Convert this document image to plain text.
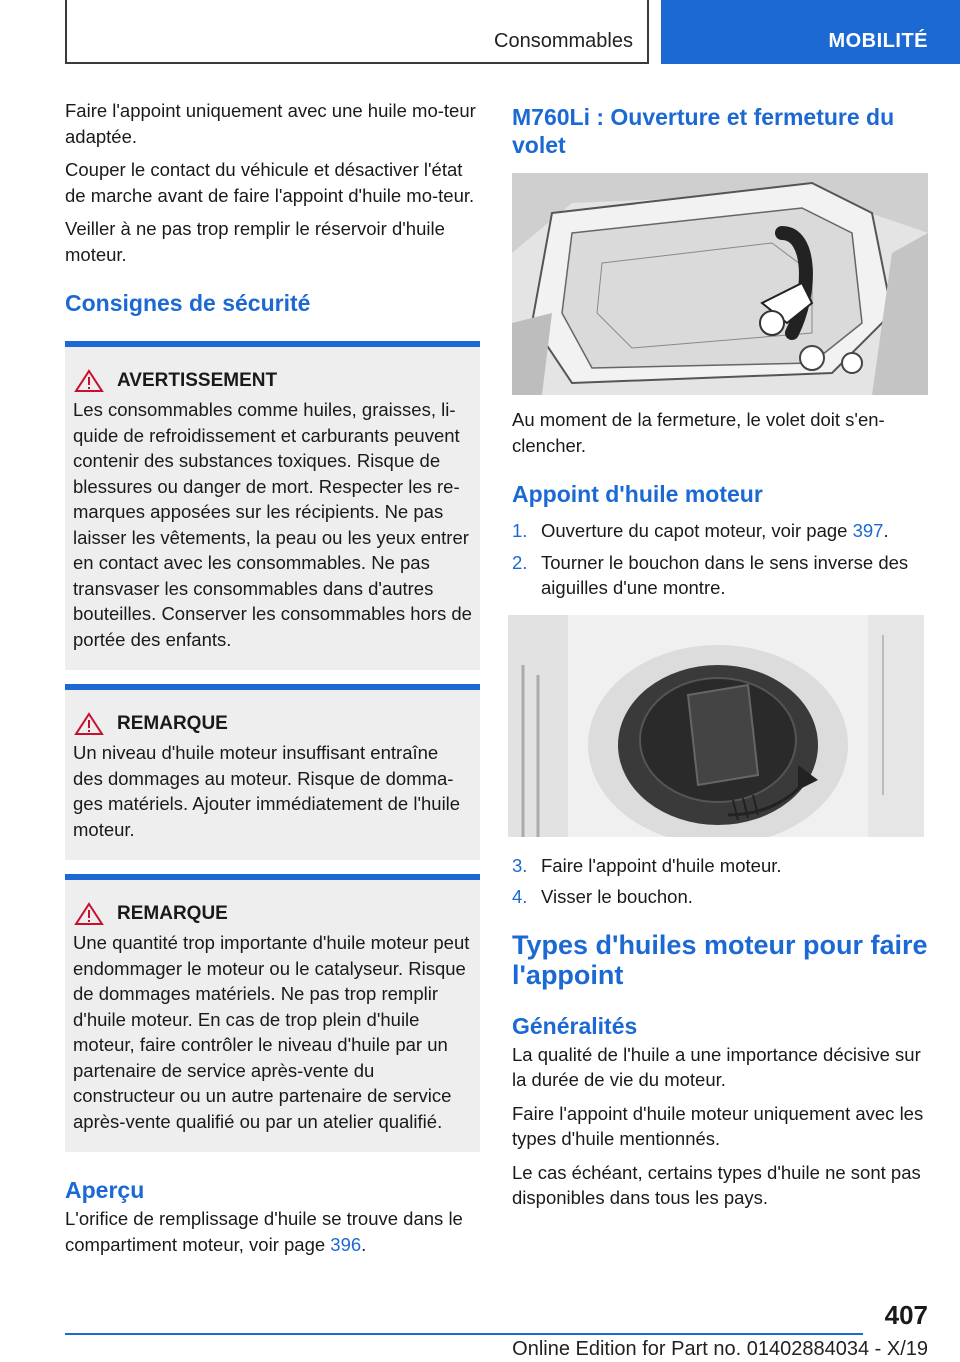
Consommables	MOBILITÉ

Faire l'appoint uniquement avec une huile mo-teur adaptée.

Couper le contact du véhicule et désactiver l'état de marche avant de faire l'appoint d'huile mo-teur.

Veiller à ne pas trop remplir le réservoir d'huile moteur.

Consignes de sécurité
AVERTISSEMENT

Les consommables comme huiles, graisses, li-quide de refroidissement et carburants peuvent contenir des substances toxiques. Risque de blessures ou danger de mort. Respecter les re-marques apposées sur les récipients. Ne pas laisser les vêtements, la peau ou les yeux entrer en contact avec les consommables. Ne pas transvaser les consommables dans d'autres bouteilles. Conserver les consommables hors de portée des enfants.

REMARQUE

Un niveau d'huile moteur insuffisant entraîne des dommages au moteur. Risque de domma-ges matériels. Ajouter immédiatement de l'huile moteur.

REMARQUE

Une quantité trop importante d'huile moteur peut endommager le moteur ou le catalyseur. Risque de dommages matériels. Ne pas trop remplir d'huile moteur. En cas de trop plein d'huile moteur, faire contrôler le niveau d'huile par un partenaire de service après-vente du constructeur ou un autre partenaire de service après-vente qualifié ou par un atelier qualifié.

Aperçu

L'orifice de remplissage d'huile se trouve dans le compartiment moteur, voir page 396.

M760Li : Ouverture et fermeture du volet

Au moment de la fermeture, le volet doit s'en-clencher.

Appoint d'huile moteur
1. Ouverture du capot moteur, voir page 397.
2. Tourner le bouchon dans le sens inverse des aiguilles d'une montre.
3. Faire l'appoint d'huile moteur.
4. Visser le bouchon.
Types d'huiles moteur pour faire l'appoint
Généralités

La qualité de l'huile a une importance décisive sur la durée de vie du moteur.

Faire l'appoint d'huile moteur uniquement avec les types d'huile mentionnés.

Le cas échéant, certains types d'huile ne sont pas disponibles dans tous les pays.

407
Online Edition for Part no. 01402884034 - X/19
